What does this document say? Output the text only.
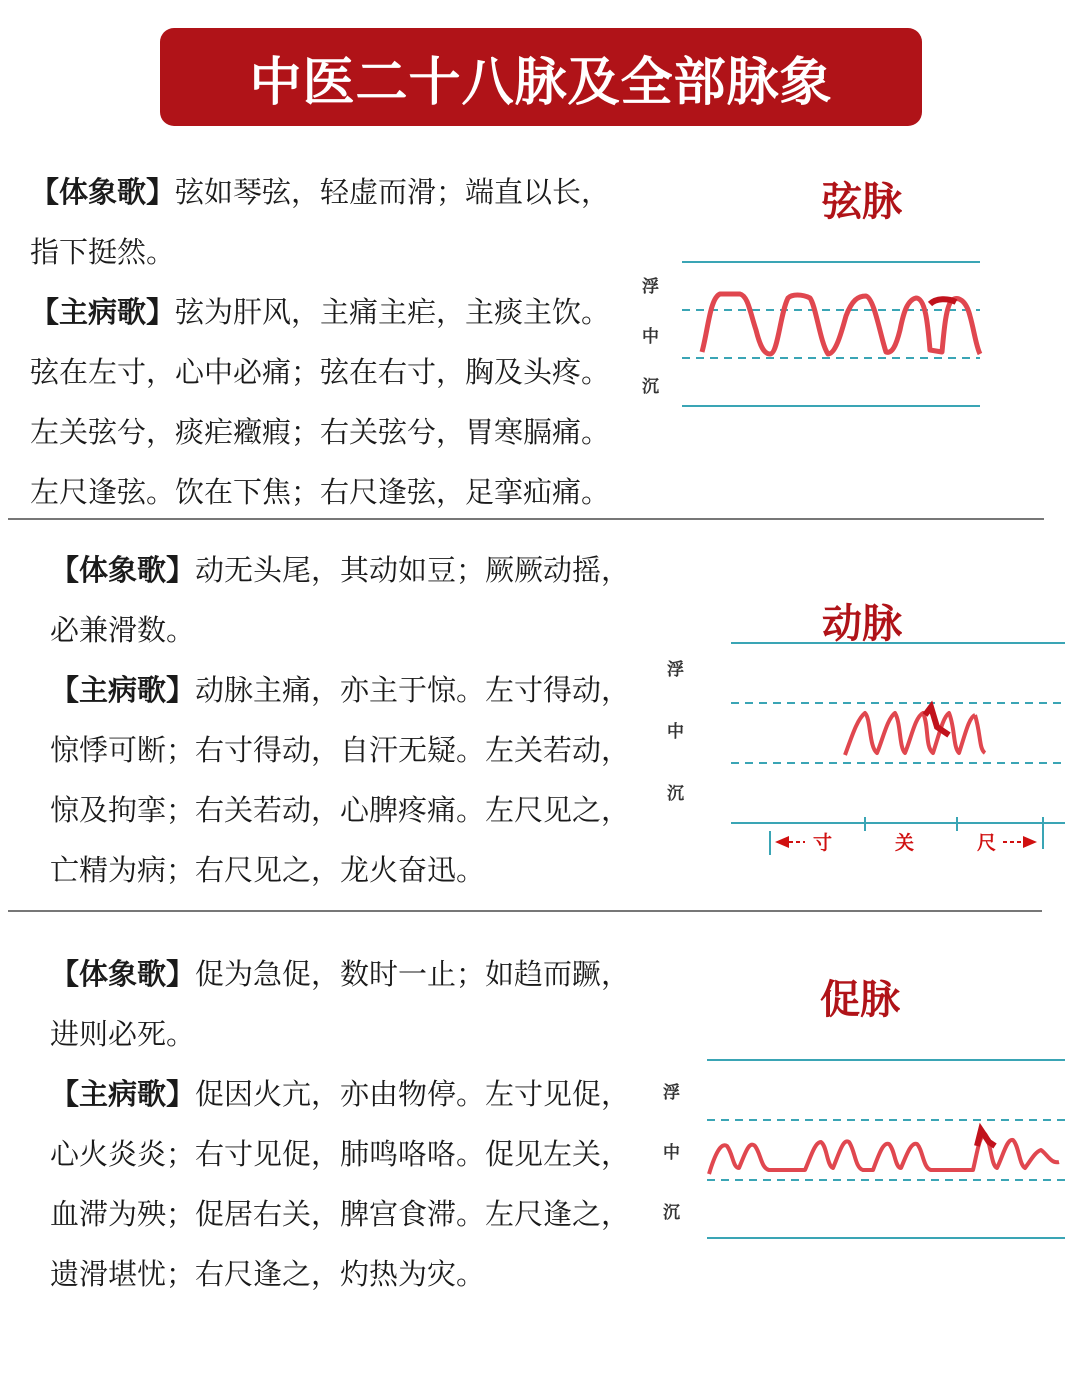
中医二十八脉及全部脉象

【体象歌】弦如琴弦，轻虚而滑；端直以长，

指下挺然。

【主病歌】弦为肝风，主痛主疟，主痰主饮。

弦在左寸，心中必痛；弦在右寸，胸及头疼。

左关弦兮，痰疟癥瘕；右关弦兮，胃寒膈痛。

左尺逢弦。饮在下焦；右尺逢弦，足挛疝痛。

弦脉
浮
中
沉

【体象歌】动无头尾，其动如豆；厥厥动摇，

必兼滑数。

【主病歌】动脉主痛，亦主于惊。左寸得动，

惊悸可断；右寸得动，自汗无疑。左关若动，

惊及拘挛；右关若动，心脾疼痛。左尺见之，

亡精为病；右尺见之，龙火奋迅。

动脉
浮
中
沉
寸	关	尺

【体象歌】促为急促，数时一止；如趋而蹶，

进则必死。

【主病歌】促因火亢，亦由物停。左寸见促，

心火炎炎；右寸见促，肺鸣咯咯。促见左关，

血滞为殃；促居右关，脾宫食滞。左尺逢之，

遗滑堪忧；右尺逢之，灼热为灾。

促脉
浮
中
沉
